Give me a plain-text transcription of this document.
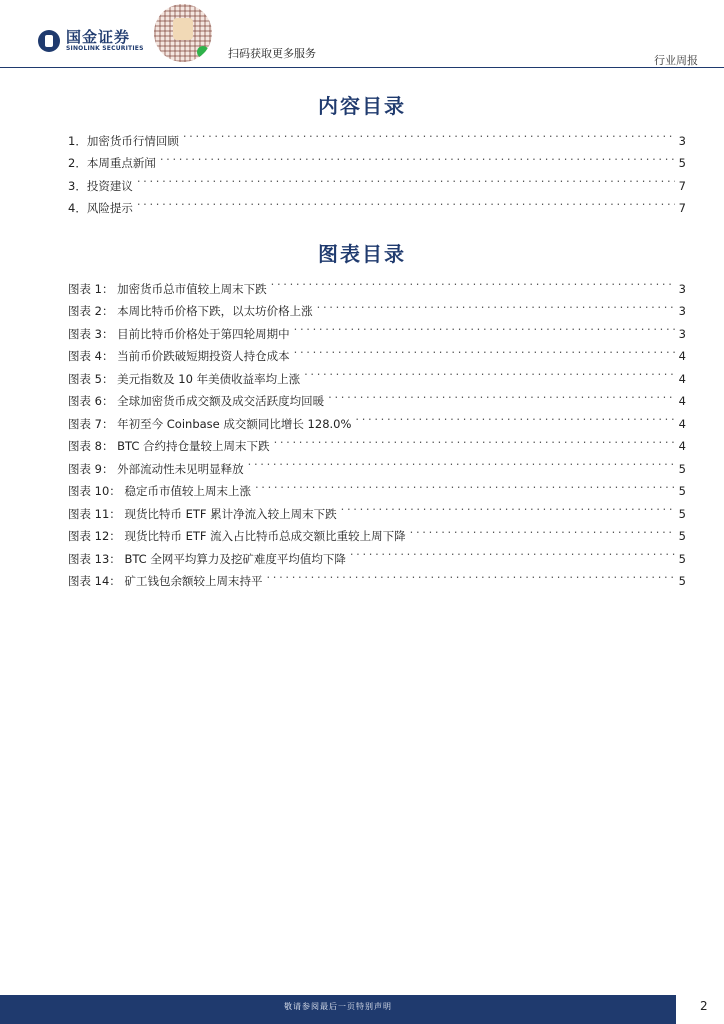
国金证券
SINOLINK SECURITIES	扫码获取更多服务
行业周报
内容目录
1．加密货币行情回顾 . . .	3
2．本周重点新闻 . . .	5
3．投资建议 . . .	7
4．风险提示 . . .	7
图表目录
图表 1： 加密货币总市值较上周末下跌 . . .	3
图表 2： 本周比特币价格下跌，以太坊价格上涨 . . .	3
图表 3： 目前比特币价格处于第四轮周期中 . . .	3
图表 4： 当前币价跌破短期投资人持仓成本 . . .	4
图表 5： 美元指数及 10 年美债收益率均上涨 . . .	4
图表 6： 全球加密货币成交额及成交活跃度均回暖 . . .	4
图表 7： 年初至今 Coinbase 成交额同比增长 128.0% . . .	4
图表 8： BTC 合约持仓量较上周末下跌 . . .	4
图表 9： 外部流动性未见明显释放 . . .	5
图表 10： 稳定币市值较上周末上涨 . . .	5
图表 11： 现货比特币 ETF 累计净流入较上周末下跌 . . .	5
图表 12： 现货比特币 ETF 流入占比特币总成交额比重较上周下降 . . .	5
图表 13： BTC 全网平均算力及挖矿难度平均值均下降 . . .	5
图表 14： 矿工钱包余额较上周末持平 . . .	5
敬请参阅最后一页特别声明	2
